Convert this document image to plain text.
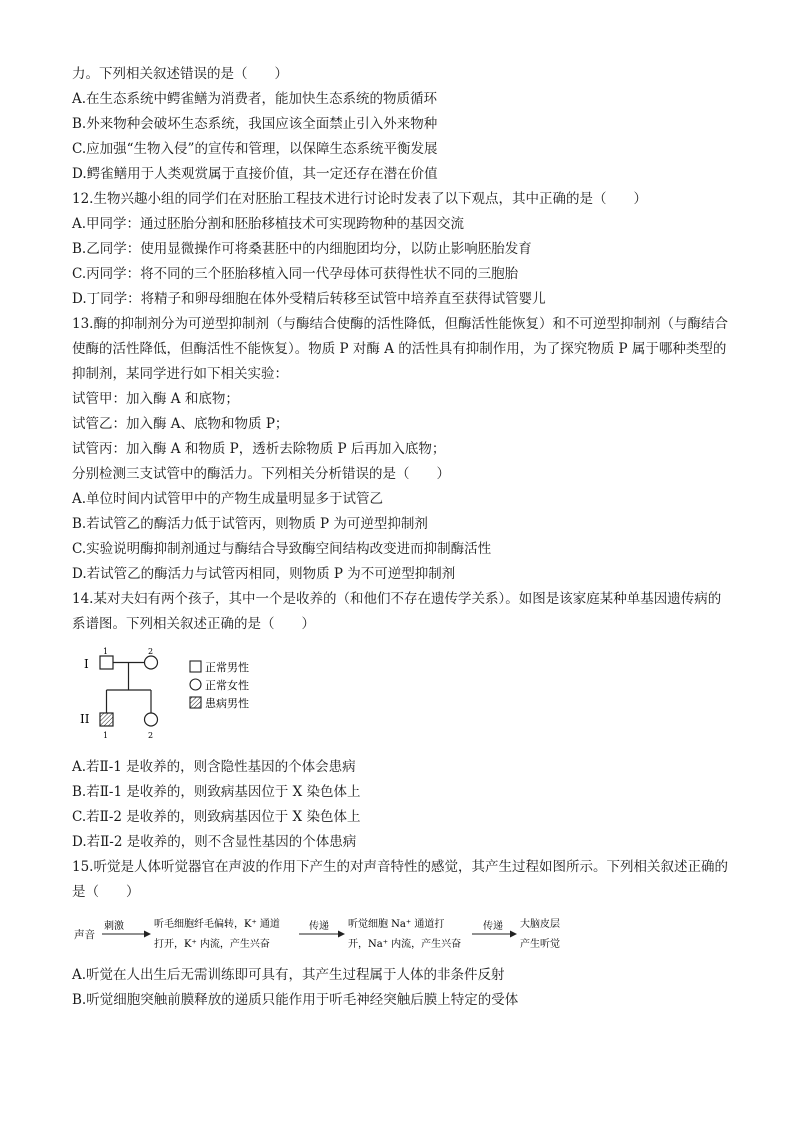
力。下列相关叙述错误的是（　　）

A.在生态系统中鳄雀鳝为消费者，能加快生态系统的物质循环

B.外来物种会破坏生态系统，我国应该全面禁止引入外来物种

C.应加强“生物入侵”的宣传和管理，以保障生态系统平衡发展

D.鳄雀鳝用于人类观赏属于直接价值，其一定还存在潜在价值

12.生物兴趣小组的同学们在对胚胎工程技术进行讨论时发表了以下观点，其中正确的是（　　）

A.甲同学：通过胚胎分割和胚胎移植技术可实现跨物种的基因交流

B.乙同学：使用显微操作可将桑葚胚中的内细胞团均分，以防止影响胚胎发育

C.丙同学：将不同的三个胚胎移植入同一代孕母体可获得性状不同的三胞胎

D.丁同学：将精子和卵母细胞在体外受精后转移至试管中培养直至获得试管婴儿

13.酶的抑制剂分为可逆型抑制剂（与酶结合使酶的活性降低，但酶活性能恢复）和不可逆型抑制剂（与酶结合使酶的活性降低，但酶活性不能恢复）。物质 P 对酶 A 的活性具有抑制作用，为了探究物质 P 属于哪种类型的抑制剂，某同学进行如下相关实验：

试管甲：加入酶 A 和底物；

试管乙：加入酶 A、底物和物质 P；

试管丙：加入酶 A 和物质 P，透析去除物质 P 后再加入底物；

分别检测三支试管中的酶活力。下列相关分析错误的是（　　）

A.单位时间内试管甲中的产物生成量明显多于试管乙

B.若试管乙的酶活力低于试管丙，则物质 P 为可逆型抑制剂

C.实验说明酶抑制剂通过与酶结合导致酶空间结构改变进而抑制酶活性

D.若试管乙的酶活力与试管丙相同，则物质 P 为不可逆型抑制剂

14.某对夫妇有两个孩子，其中一个是收养的（和他们不存在遗传学关系）。如图是该家庭某种单基因遗传病的系谱图。下列相关叙述正确的是（　　）

I
II
1	2
1	2
正常男性
正常女性
患病男性

A.若Ⅱ-1 是收养的，则含隐性基因的个体会患病

B.若Ⅱ-1 是收养的，则致病基因位于 X 染色体上

C.若Ⅱ-2 是收养的，则致病基因位于 X 染色体上

D.若Ⅱ-2 是收养的，则不含显性基因的个体患病

15.听觉是人体听觉器官在声波的作用下产生的对声音特性的感觉，其产生过程如图所示。下列相关叙述正确的是（　　）

声音
刺激	听毛细胞纤毛偏转，K⁺ 通道
打开，K⁺ 内流，产生兴奋
传递 听觉细胞 Na⁺ 通道打
开，Na⁺ 内流，产生兴奋
传递 大脑皮层
产生听觉

A.听觉在人出生后无需训练即可具有，其产生过程属于人体的非条件反射

B.听觉细胞突触前膜释放的递质只能作用于听毛神经突触后膜上特定的受体
